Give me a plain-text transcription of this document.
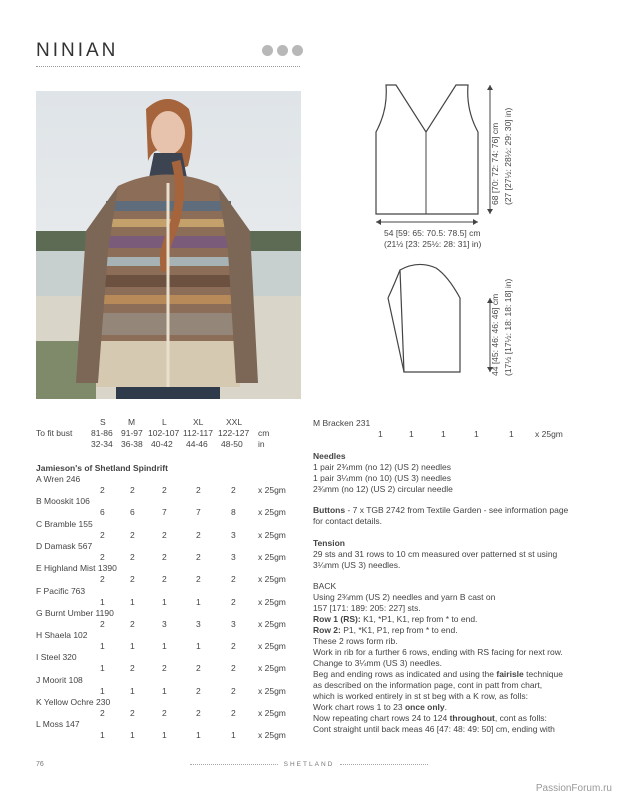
NINIAN
54 [59: 65: 70.5: 78.5] cm
(21½ [23: 25½: 28: 31] in)
68 [70: 72: 74: 76] cm (27 [27½: 28½: 29: 30] in)
44 [45: 46: 46: 46] cm (17½ [17½: 18: 18: 18] in)
S	M	L	XL	XXL
To fit bust 81-86 91-97 102-107 112-117 122-127 cm
32-34 36-38 40-42 44-46 48-50 in
Jamieson's of Shetland Spindrift
A Wren 246
2	2	2	2	2	x 25gm
B Mooskit 106
6	6	7	7	8	x 25gm
C Bramble 155
2	2	2	2	3	x 25gm
D Damask 567
2	2	2	2	3	x 25gm
E Highland Mist 1390
2	2	2	2	2	x 25gm
F Pacific 763
1	1	1	1	2	x 25gm
G Burnt Umber 1190
2	2	3	3	3	x 25gm
H Shaela 102
1	1	1	1	2	x 25gm
I Steel 320
1	2	2	2	2	x 25gm
J Moorit 108
1	1	1	2	2	x 25gm
K Yellow Ochre 230
2	2	2	2	2	x 25gm
L Moss 147
1	1	1	1	1	x 25gm
M Bracken 231
1	1	1	1	1	x 25gm
Needles
1 pair 2¾mm (no 12) (US 2) needles
1 pair 3¼mm (no 10) (US 3) needles
2¾mm (no 12) (US 2) circular needle
Buttons - 7 x TGB 2742 from Textile Garden - see information page
for contact details.
Tension
29 sts and 31 rows to 10 cm measured over patterned st st using
3¼mm (US 3) needles.
BACK
Using 2¾mm (US 2) needles and yarn B cast on
157 [171: 189: 205: 227] sts.
Row 1 (RS): K1, *P1, K1, rep from * to end.
Row 2: P1, *K1, P1, rep from * to end.
These 2 rows form rib.
Work in rib for a further 6 rows, ending with RS facing for next row.
Change to 3¼mm (US 3) needles.
Beg and ending rows as indicated and using the fairisle technique
as described on the information page, cont in patt from chart,
which is worked entirely in st st beg with a K row, as folls:
Work chart rows 1 to 23 once only.
Now repeating chart rows 24 to 124 throughout, cont as folls:
Cont straight until back meas 46 [47: 48: 49: 50] cm, ending with
76	SHETLAND
PassionForum.ru
